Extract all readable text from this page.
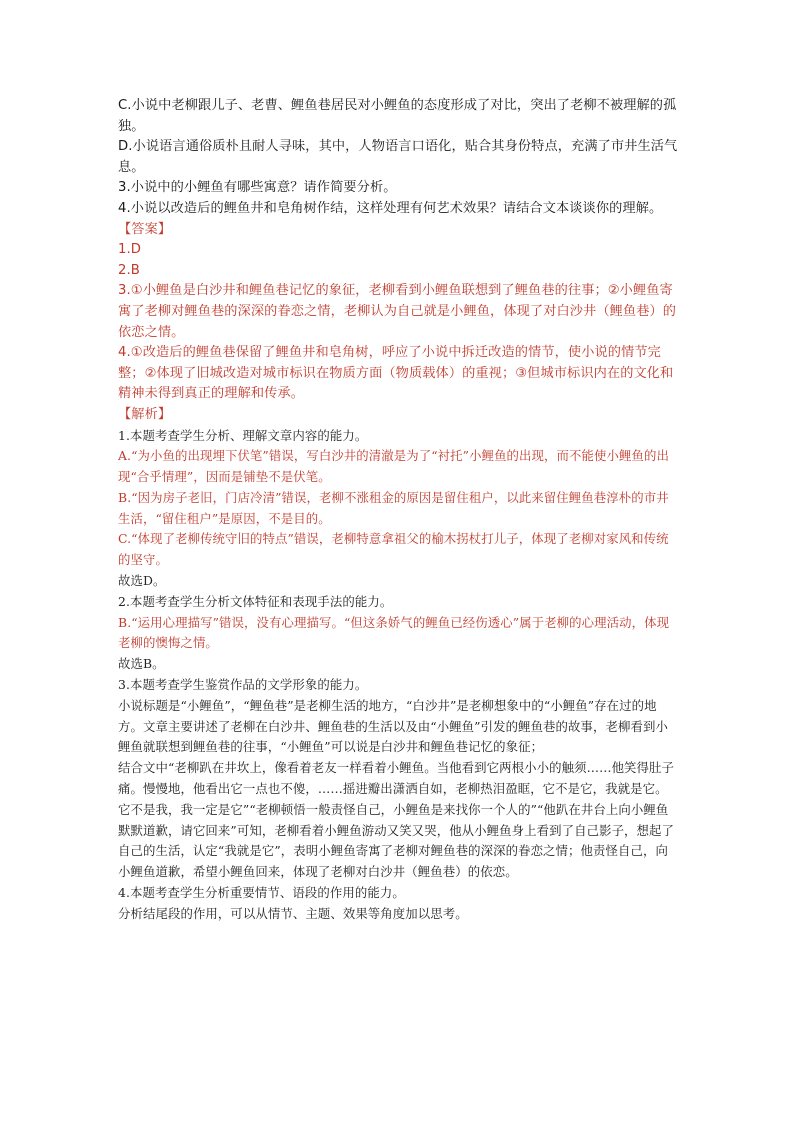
C.小说中老柳跟儿子、老曹、鲤鱼巷居民对小鲤鱼的态度形成了对比，突出了老柳不被理解的孤独。

D.小说语言通俗质朴且耐人寻味，其中，人物语言口语化，贴合其身份特点，充满了市井生活气息。

3.小说中的小鲤鱼有哪些寓意？请作简要分析。

4.小说以改造后的鲤鱼井和皂角树作结，这样处理有何艺术效果？请结合文本谈谈你的理解。

【答案】

1.D

2.B

3.①小鲤鱼是白沙井和鲤鱼巷记忆的象征，老柳看到小鲤鱼联想到了鲤鱼巷的往事；②小鲤鱼寄寓了老柳对鲤鱼巷的深深的眷恋之情，老柳认为自己就是小鲤鱼，体现了对白沙井（鲤鱼巷）的依恋之情。

4.①改造后的鲤鱼巷保留了鲤鱼井和皂角树，呼应了小说中拆迁改造的情节，使小说的情节完整；②体现了旧城改造对城市标识在物质方面（物质载体）的重视；③但城市标识内在的文化和精神未得到真正的理解和传承。

【解析】

1.本题考查学生分析、理解文章内容的能力。

A.“为小鱼的出现埋下伏笔”错误，写白沙井的清澈是为了“衬托”小鲤鱼的出现，而不能使小鲤鱼的出现“合乎情理”，因而是铺垫不是伏笔。

B.“因为房子老旧，门店冷清”错误，老柳不涨租金的原因是留住租户，以此来留住鲤鱼巷淳朴的市井生活，“留住租户”是原因，不是目的。

C.“体现了老柳传统守旧的特点”错误，老柳特意拿祖父的榆木拐杖打儿子，体现了老柳对家风和传统的坚守。

故选D。

2.本题考查学生分析文体特征和表现手法的能力。

B.“运用心理描写”错误，没有心理描写。“但这条娇气的鲤鱼已经伤透心”属于老柳的心理活动，体现老柳的懊悔之情。

故选B。

3.本题考查学生鉴赏作品的文学形象的能力。

小说标题是“小鲤鱼”，“鲤鱼巷”是老柳生活的地方，“白沙井”是老柳想象中的“小鲤鱼”存在过的地方。文章主要讲述了老柳在白沙井、鲤鱼巷的生活以及由“小鲤鱼”引发的鲤鱼巷的故事，老柳看到小鲤鱼就联想到鲤鱼巷的往事，“小鲤鱼”可以说是白沙井和鲤鱼巷记忆的象征；

结合文中“老柳趴在井坎上，像看着老友一样看着小鲤鱼。当他看到它两根小小的触须……他笑得肚子痛。慢慢地，他看出它一点也不傻，……摇进瓣出潇洒自如，老柳热泪盈眶，它不是它，我就是它。它不是我，我一定是它”“老柳顿悟一般责怪自己，小鲤鱼是来找你一个人的”“他趴在井台上向小鲤鱼默默道歉，请它回来”可知，老柳看着小鲤鱼游动又笑又哭，他从小鲤鱼身上看到了自己影子，想起了自己的生活，认定“我就是它”，表明小鲤鱼寄寓了老柳对鲤鱼巷的深深的眷恋之情；他责怪自己，向小鲤鱼道歉，希望小鲤鱼回来，体现了老柳对白沙井（鲤鱼巷）的依恋。

4.本题考查学生分析重要情节、语段的作用的能力。

分析结尾段的作用，可以从情节、主题、效果等角度加以思考。
